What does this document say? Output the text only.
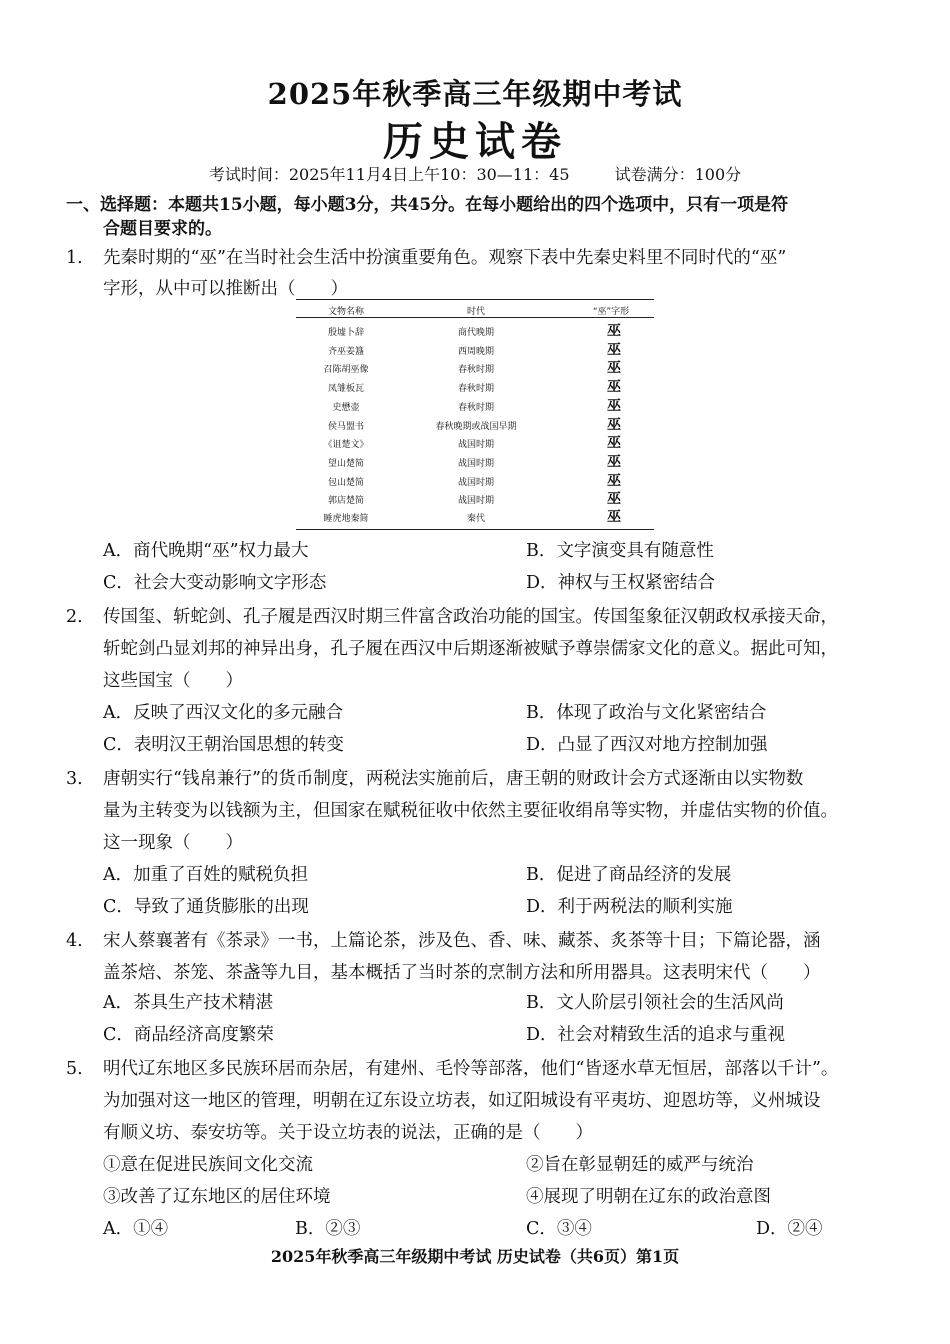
2025年秋季高三年级期中考试
历史试卷
考试时间：2025年11月4日上午10：30—11：45	试卷满分：100分
一、选择题：本题共15小题，每小题3分，共45分。在每小题给出的四个选项中，只有一项是符
合题目要求的。
1. 先秦时期的“巫”在当时社会生活中扮演重要角色。观察下表中先秦史料里不同时代的“巫”
字形，从中可以推断出（　　）
文物名称	时代	“巫”字形
殷墟卜辞	商代晚期	巫
齐巫姜簋	西周晚期	巫
召陈胡巫像	春秋时期	巫
凤雏板瓦	春秋时期	巫
史懋壶	春秋时期	巫
侯马盟书	春秋晚期或战国早期	巫
《诅楚文》	战国时期	巫
望山楚简	战国时期	巫
包山楚简	战国时期	巫
郭店楚简	战国时期	巫
睡虎地秦简	秦代	巫
A．商代晚期“巫”权力最大	B．文字演变具有随意性
C．社会大变动影响文字形态	D．神权与王权紧密结合
2. 传国玺、斩蛇剑、孔子履是西汉时期三件富含政治功能的国宝。传国玺象征汉朝政权承接天命，
斩蛇剑凸显刘邦的神异出身，孔子履在西汉中后期逐渐被赋予尊崇儒家文化的意义。据此可知，
这些国宝（　　）
A．反映了西汉文化的多元融合	B．体现了政治与文化紧密结合
C．表明汉王朝治国思想的转变	D．凸显了西汉对地方控制加强
3. 唐朝实行“钱帛兼行”的货币制度，两税法实施前后，唐王朝的财政计会方式逐渐由以实物数
量为主转变为以钱额为主，但国家在赋税征收中依然主要征收绢帛等实物，并虚估实物的价值。
这一现象（　　）
A．加重了百姓的赋税负担	B．促进了商品经济的发展
C．导致了通货膨胀的出现	D．利于两税法的顺利实施
4. 宋人蔡襄著有《茶录》一书，上篇论茶，涉及色、香、味、藏茶、炙茶等十目；下篇论器，涵
盖茶焙、茶笼、茶盏等九目，基本概括了当时茶的烹制方法和所用器具。这表明宋代（　　）
A．茶具生产技术精湛	B．文人阶层引领社会的生活风尚
C．商品经济高度繁荣	D．社会对精致生活的追求与重视
5. 明代辽东地区多民族环居而杂居，有建州、毛怜等部落，他们“皆逐水草无恒居，部落以千计”。
为加强对这一地区的管理，明朝在辽东设立坊表，如辽阳城设有平夷坊、迎恩坊等，义州城设
有顺义坊、泰安坊等。关于设立坊表的说法，正确的是（　　）
①意在促进民族间文化交流	②旨在彰显朝廷的威严与统治
③改善了辽东地区的居住环境	④展现了明朝在辽东的政治意图
A．①④	B．②③	C．③④	D．②④
2025年秋季高三年级期中考试 历史试卷（共6页）第1页
